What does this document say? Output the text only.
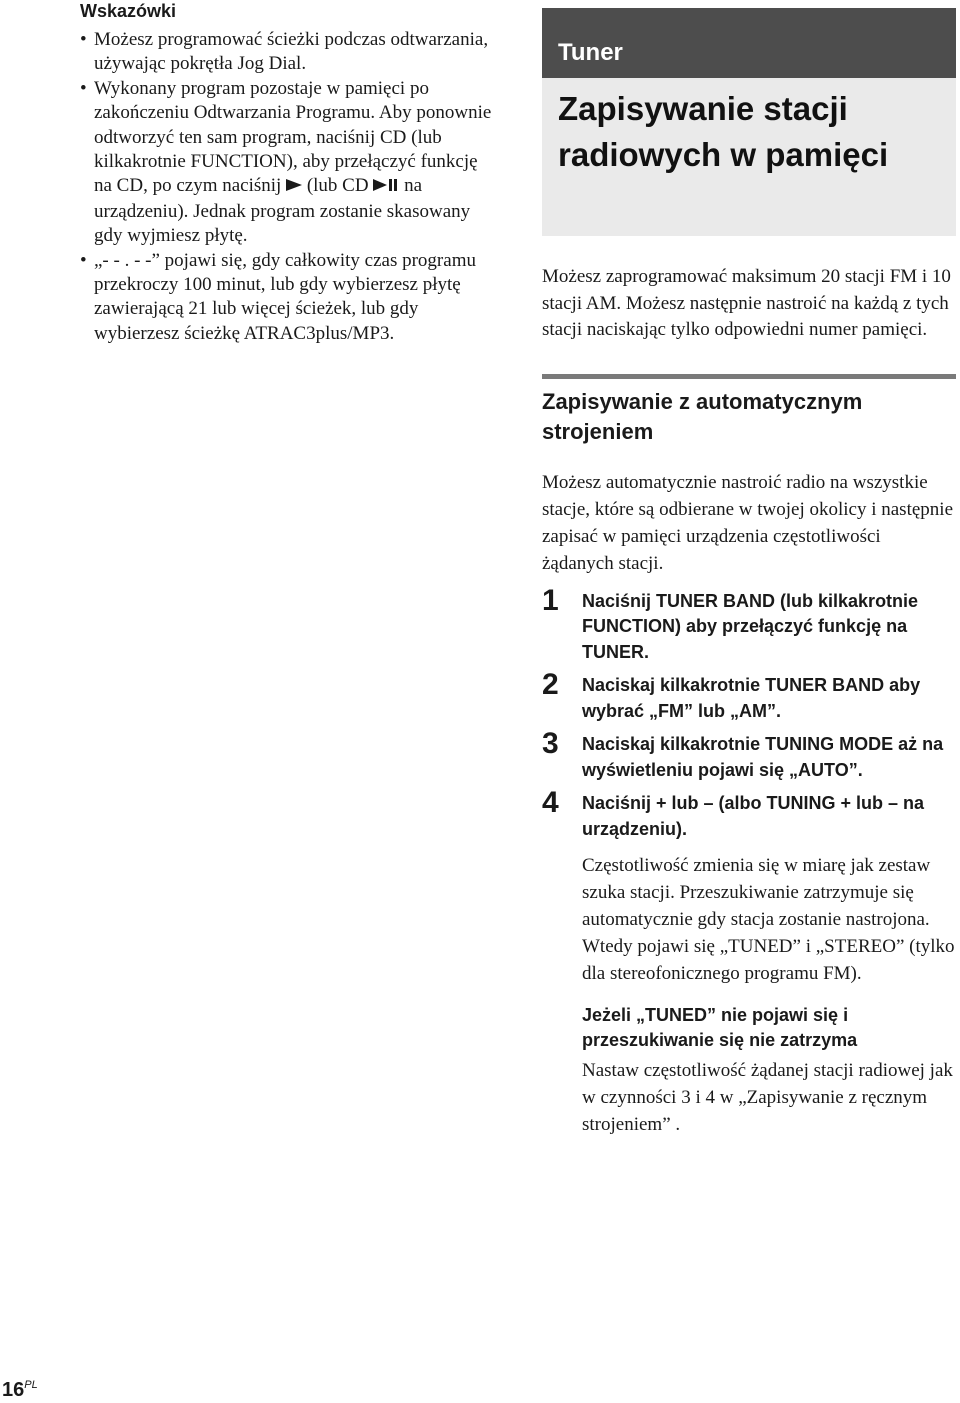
Wskazówki
• Możesz programować ścieżki podczas odtwarzania, używając pokrętła Jog Dial.
• Wykonany program pozostaje w pamięci po zakończeniu Odtwarzania Programu. Aby ponownie odtworzyć ten sam program, naciśnij CD (lub kilkakrotnie FUNCTION), aby przełączyć funkcję na CD, po czym naciśnij (lub CD na urządzeniu). Jednak program zostanie skasowany gdy wyjmiesz płytę.
• „- - . - -” pojawi się, gdy całkowity czas programu przekroczy 100 minut, lub gdy wybierzesz płytę zawierającą 21 lub więcej ścieżek, lub gdy wybierzesz ścieżkę ATRAC3plus/MP3.
Tuner
Zapisywanie stacji radiowych w pamięci

Możesz zaprogramować maksimum 20 stacji FM i 10 stacji AM. Możesz następnie nastroić na każdą z tych stacji naciskając tylko odpowiedni numer pamięci.

Zapisywanie z automatycznym strojeniem

Możesz automatycznie nastroić radio na wszystkie stacje, które są odbierane w twojej okolicy i następnie zapisać w pamięci urządzenia częstotliwości żądanych stacji.

1 Naciśnij TUNER BAND (lub kilkakrotnie FUNCTION) aby przełączyć funkcję na TUNER.
2 Naciskaj kilkakrotnie TUNER BAND aby wybrać „FM” lub „AM”.
3 Naciskaj kilkakrotnie TUNING MODE aż na wyświetleniu pojawi się „AUTO”.
4 Naciśnij + lub – (albo TUNING + lub – na urządzeniu).
Częstotliwość zmienia się w miarę jak zestaw szuka stacji. Przeszukiwanie zatrzymuje się automatycznie gdy stacja zostanie nastrojona. Wtedy pojawi się „TUNED” i „STEREO” (tylko dla stereofonicznego programu FM).
Jeżeli „TUNED” nie pojawi się i przeszukiwanie się nie zatrzyma
Nastaw częstotliwość żądanej stacji radiowej jak w czynności 3 i 4 w „Zapisywanie z ręcznym strojeniem” .
$16^{PL}$
